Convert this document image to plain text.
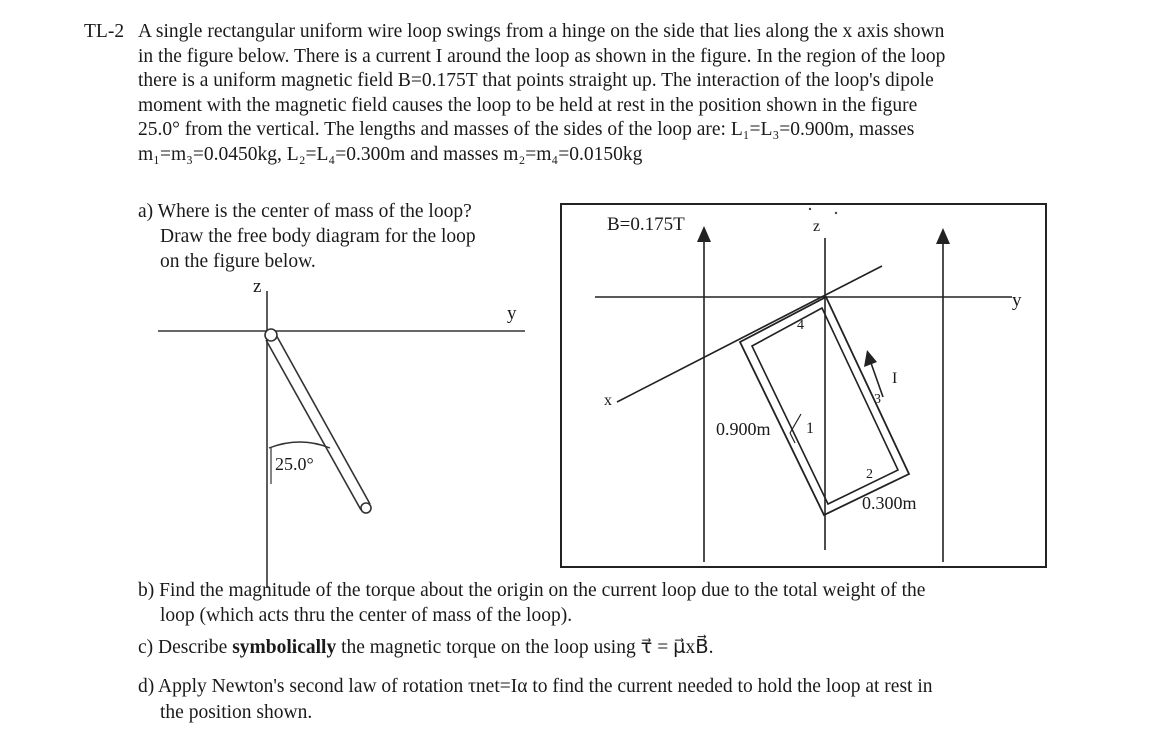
TL-2 A single rectangular uniform wire loop swings from a hinge on the side that lies along the x axis shown
in the figure below. There is a current I around the loop as shown in the figure. In the region of the loop
there is a uniform magnetic field B=0.175T that points straight up. The interaction of the loop's dipole
moment with the magnetic field causes the loop to be held at rest in the position shown in the figure
25.0° from the vertical. The lengths and masses of the sides of the loop are: L₁=L₃=0.900m, masses
m₁=m₃=0.0450kg, L₂=L₄=0.300m and masses m₂=m₄=0.0150kg
a) Where is the center of mass of the loop?
Draw the free body diagram for the loop
on the figure below.
z
y
25.0°
B=0.175T	z
y
x
0.900m
0.300m
I
1
2
3
4
b) Find the magnitude of the torque about the origin on the current loop due to the total weight of the
loop (which acts thru the center of mass of the loop).
c) Describe symbolically the magnetic torque on the loop using τ⃗ = μ⃗xB⃗.
d) Apply Newton's second law of rotation τnet=Iα to find the current needed to hold the loop at rest in
the position shown.
